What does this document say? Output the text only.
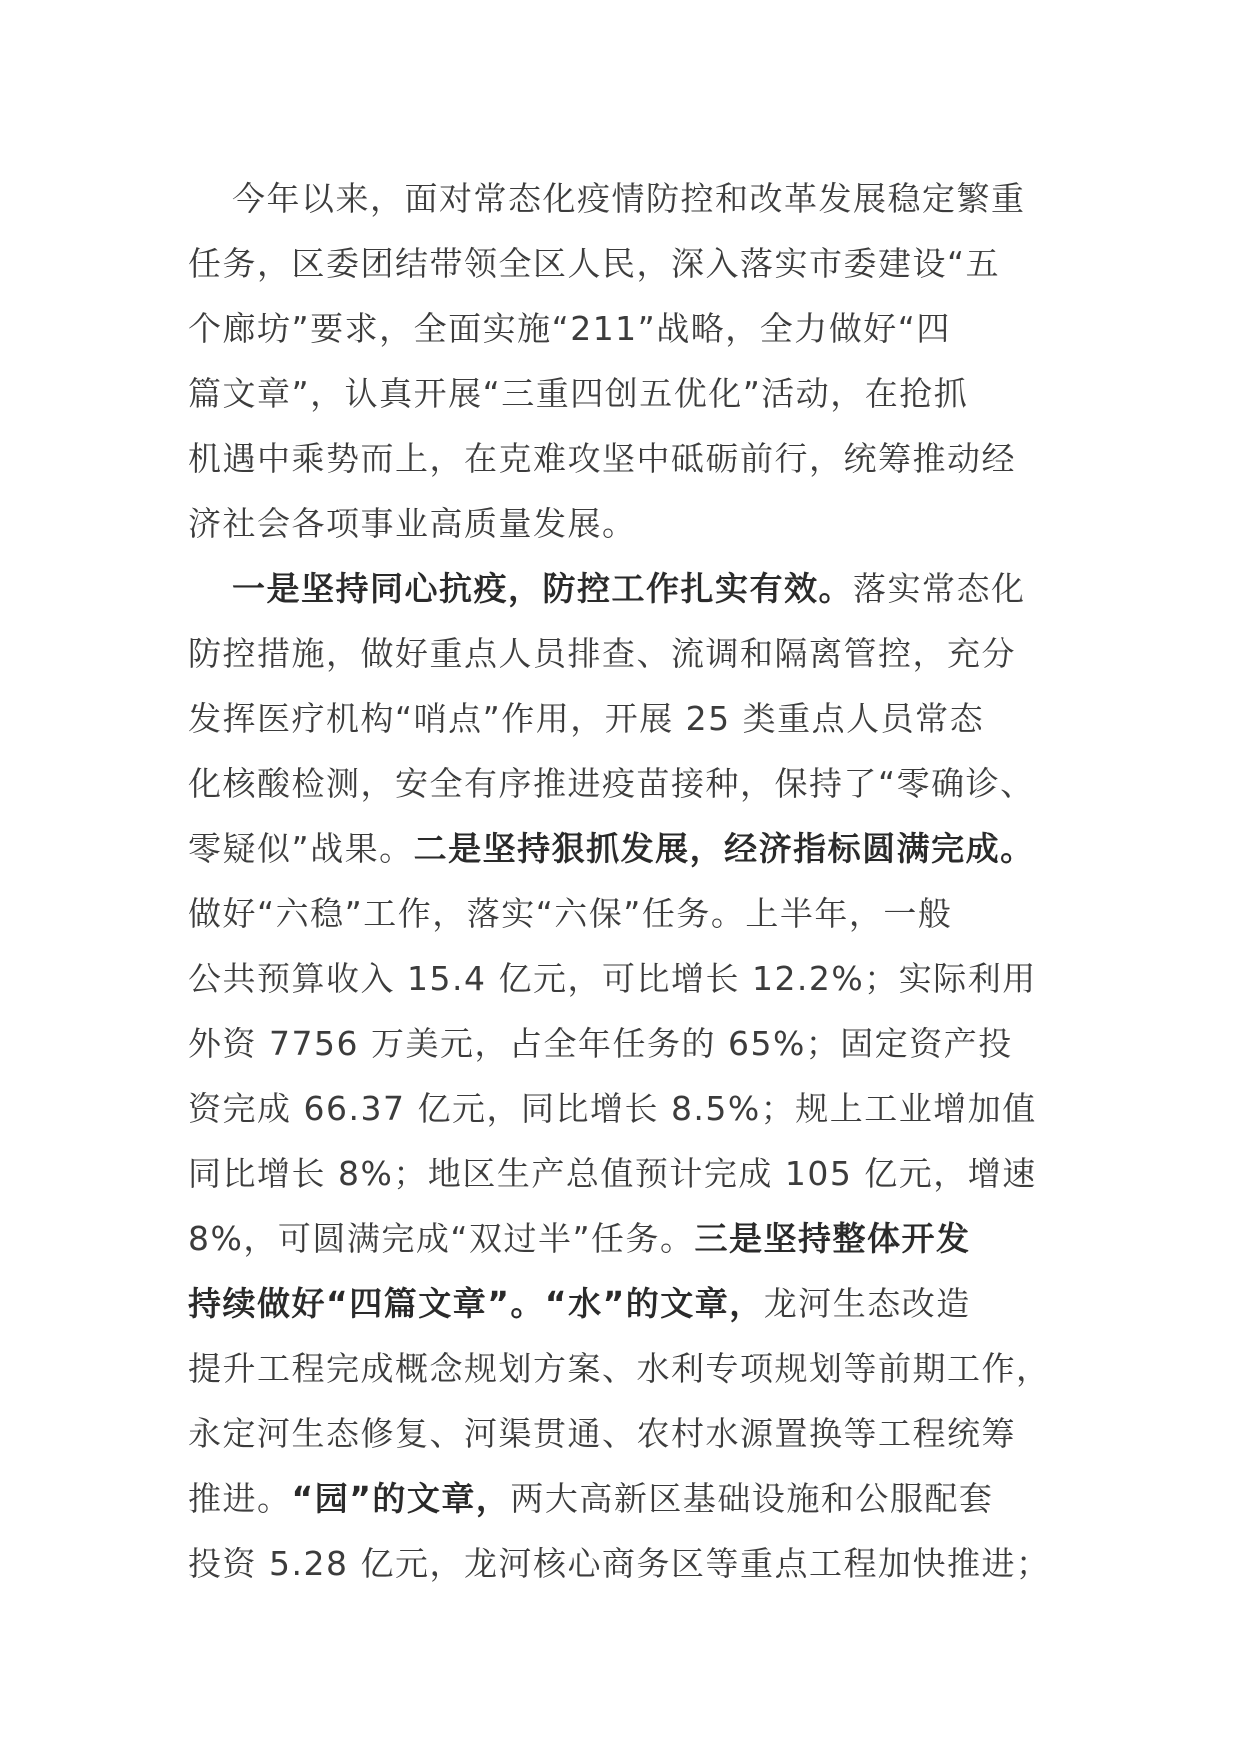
今年以来，面对常态化疫情防控和改革发展稳定繁重
任务，区委团结带领全区人民，深入落实市委建设“五
个廊坊”要求，全面实施“211”战略，全力做好“四
篇文章”，认真开展“三重四创五优化”活动，在抢抓
机遇中乘势而上，在克难攻坚中砥砺前行，统筹推动经
济社会各项事业高质量发展。
一是坚持同心抗疫，防控工作扎实有效。落实常态化
防控措施，做好重点人员排查、流调和隔离管控，充分
发挥医疗机构“哨点”作用，开展 25 类重点人员常态
化核酸检测，安全有序推进疫苗接种，保持了“零确诊、
零疑似”战果。二是坚持狠抓发展，经济指标圆满完成。
做好“六稳”工作，落实“六保”任务。上半年，一般
公共预算收入 15.4 亿元，可比增长 12.2%；实际利用
外资 7756 万美元，占全年任务的 65%；固定资产投
资完成 66.37 亿元，同比增长 8.5%；规上工业增加值
同比增长 8%；地区生产总值预计完成 105 亿元，增速
8%，可圆满完成“双过半”任务。三是坚持整体开发
持续做好“四篇文章”。“水”的文章，龙河生态改造
提升工程完成概念规划方案、水利专项规划等前期工作，
永定河生态修复、河渠贯通、农村水源置换等工程统筹
推进。“园”的文章，两大高新区基础设施和公服配套
投资 5.28 亿元，龙河核心商务区等重点工程加快推进；
